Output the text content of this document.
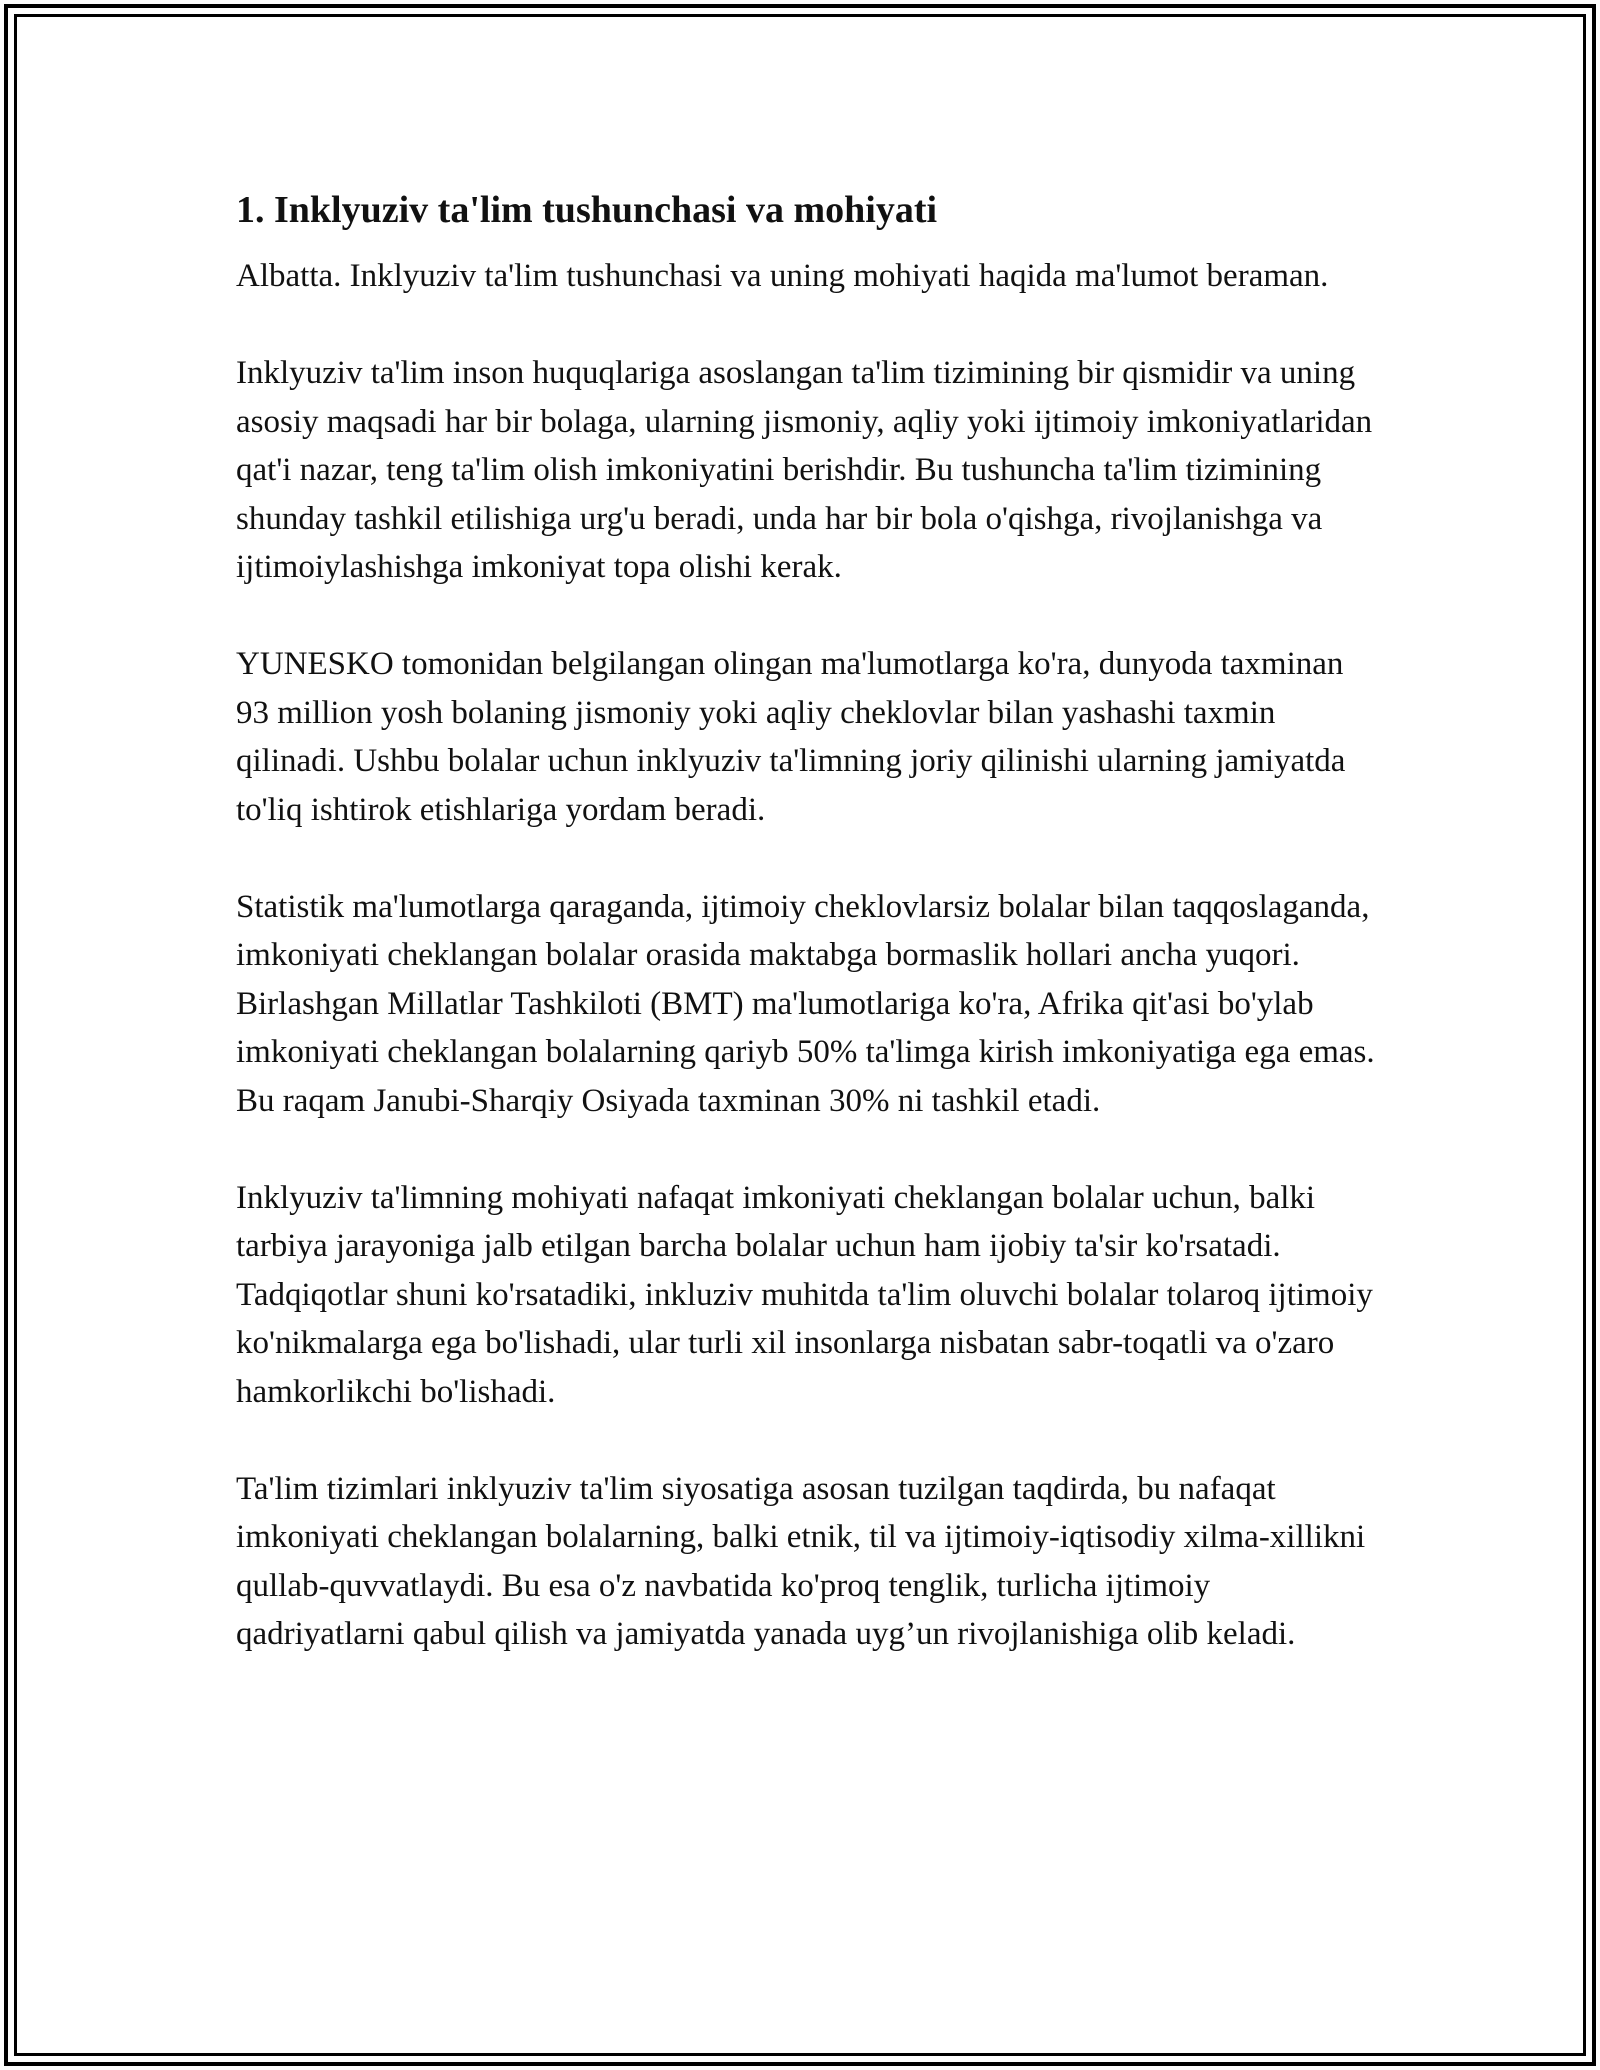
1. Inklyuziv ta'lim tushunchasi va mohiyati

Albatta. Inklyuziv ta'lim tushunchasi va uning mohiyati haqida ma'lumot beraman.

Inklyuziv ta'lim inson huquqlariga asoslangan ta'lim tizimining bir qismidir va uning asosiy maqsadi har bir bolaga, ularning jismoniy, aqliy yoki ijtimoiy imkoniyatlaridan qat'i nazar, teng ta'lim olish imkoniyatini berishdir. Bu tushuncha ta'lim tizimining shunday tashkil etilishiga urg'u beradi, unda har bir bola o'qishga, rivojlanishga va ijtimoiylashishga imkoniyat topa olishi kerak.

YUNESKO tomonidan belgilangan olingan ma'lumotlarga ko'ra, dunyoda taxminan 93 million yosh bolaning jismoniy yoki aqliy cheklovlar bilan yashashi taxmin qilinadi. Ushbu bolalar uchun inklyuziv ta'limning joriy qilinishi ularning jamiyatda to'liq ishtirok etishlariga yordam beradi.

Statistik ma'lumotlarga qaraganda, ijtimoiy cheklovlarsiz bolalar bilan taqqoslaganda, imkoniyati cheklangan bolalar orasida maktabga bormaslik hollari ancha yuqori. Birlashgan Millatlar Tashkiloti (BMT) ma'lumotlariga ko'ra, Afrika qit'asi bo'ylab imkoniyati cheklangan bolalarning qariyb 50% ta'limga kirish imkoniyatiga ega emas. Bu raqam Janubi-Sharqiy Osiyada taxminan 30% ni tashkil etadi.

Inklyuziv ta'limning mohiyati nafaqat imkoniyati cheklangan bolalar uchun, balki tarbiya jarayoniga jalb etilgan barcha bolalar uchun ham ijobiy ta'sir ko'rsatadi. Tadqiqotlar shuni ko'rsatadiki, inkluziv muhitda ta'lim oluvchi bolalar tolaroq ijtimoiy ko'nikmalarga ega bo'lishadi, ular turli xil insonlarga nisbatan sabr-toqatli va o'zaro hamkorlikchi bo'lishadi.

Ta'lim tizimlari inklyuziv ta'lim siyosatiga asosan tuzilgan taqdirda, bu nafaqat imkoniyati cheklangan bolalarning, balki etnik, til va ijtimoiy-iqtisodiy xilma-xillikni qullab-quvvatlaydi. Bu esa o'z navbatida ko'proq tenglik, turlicha ijtimoiy qadriyatlarni qabul qilish va jamiyatda yanada uyg’un rivojlanishiga olib keladi.
